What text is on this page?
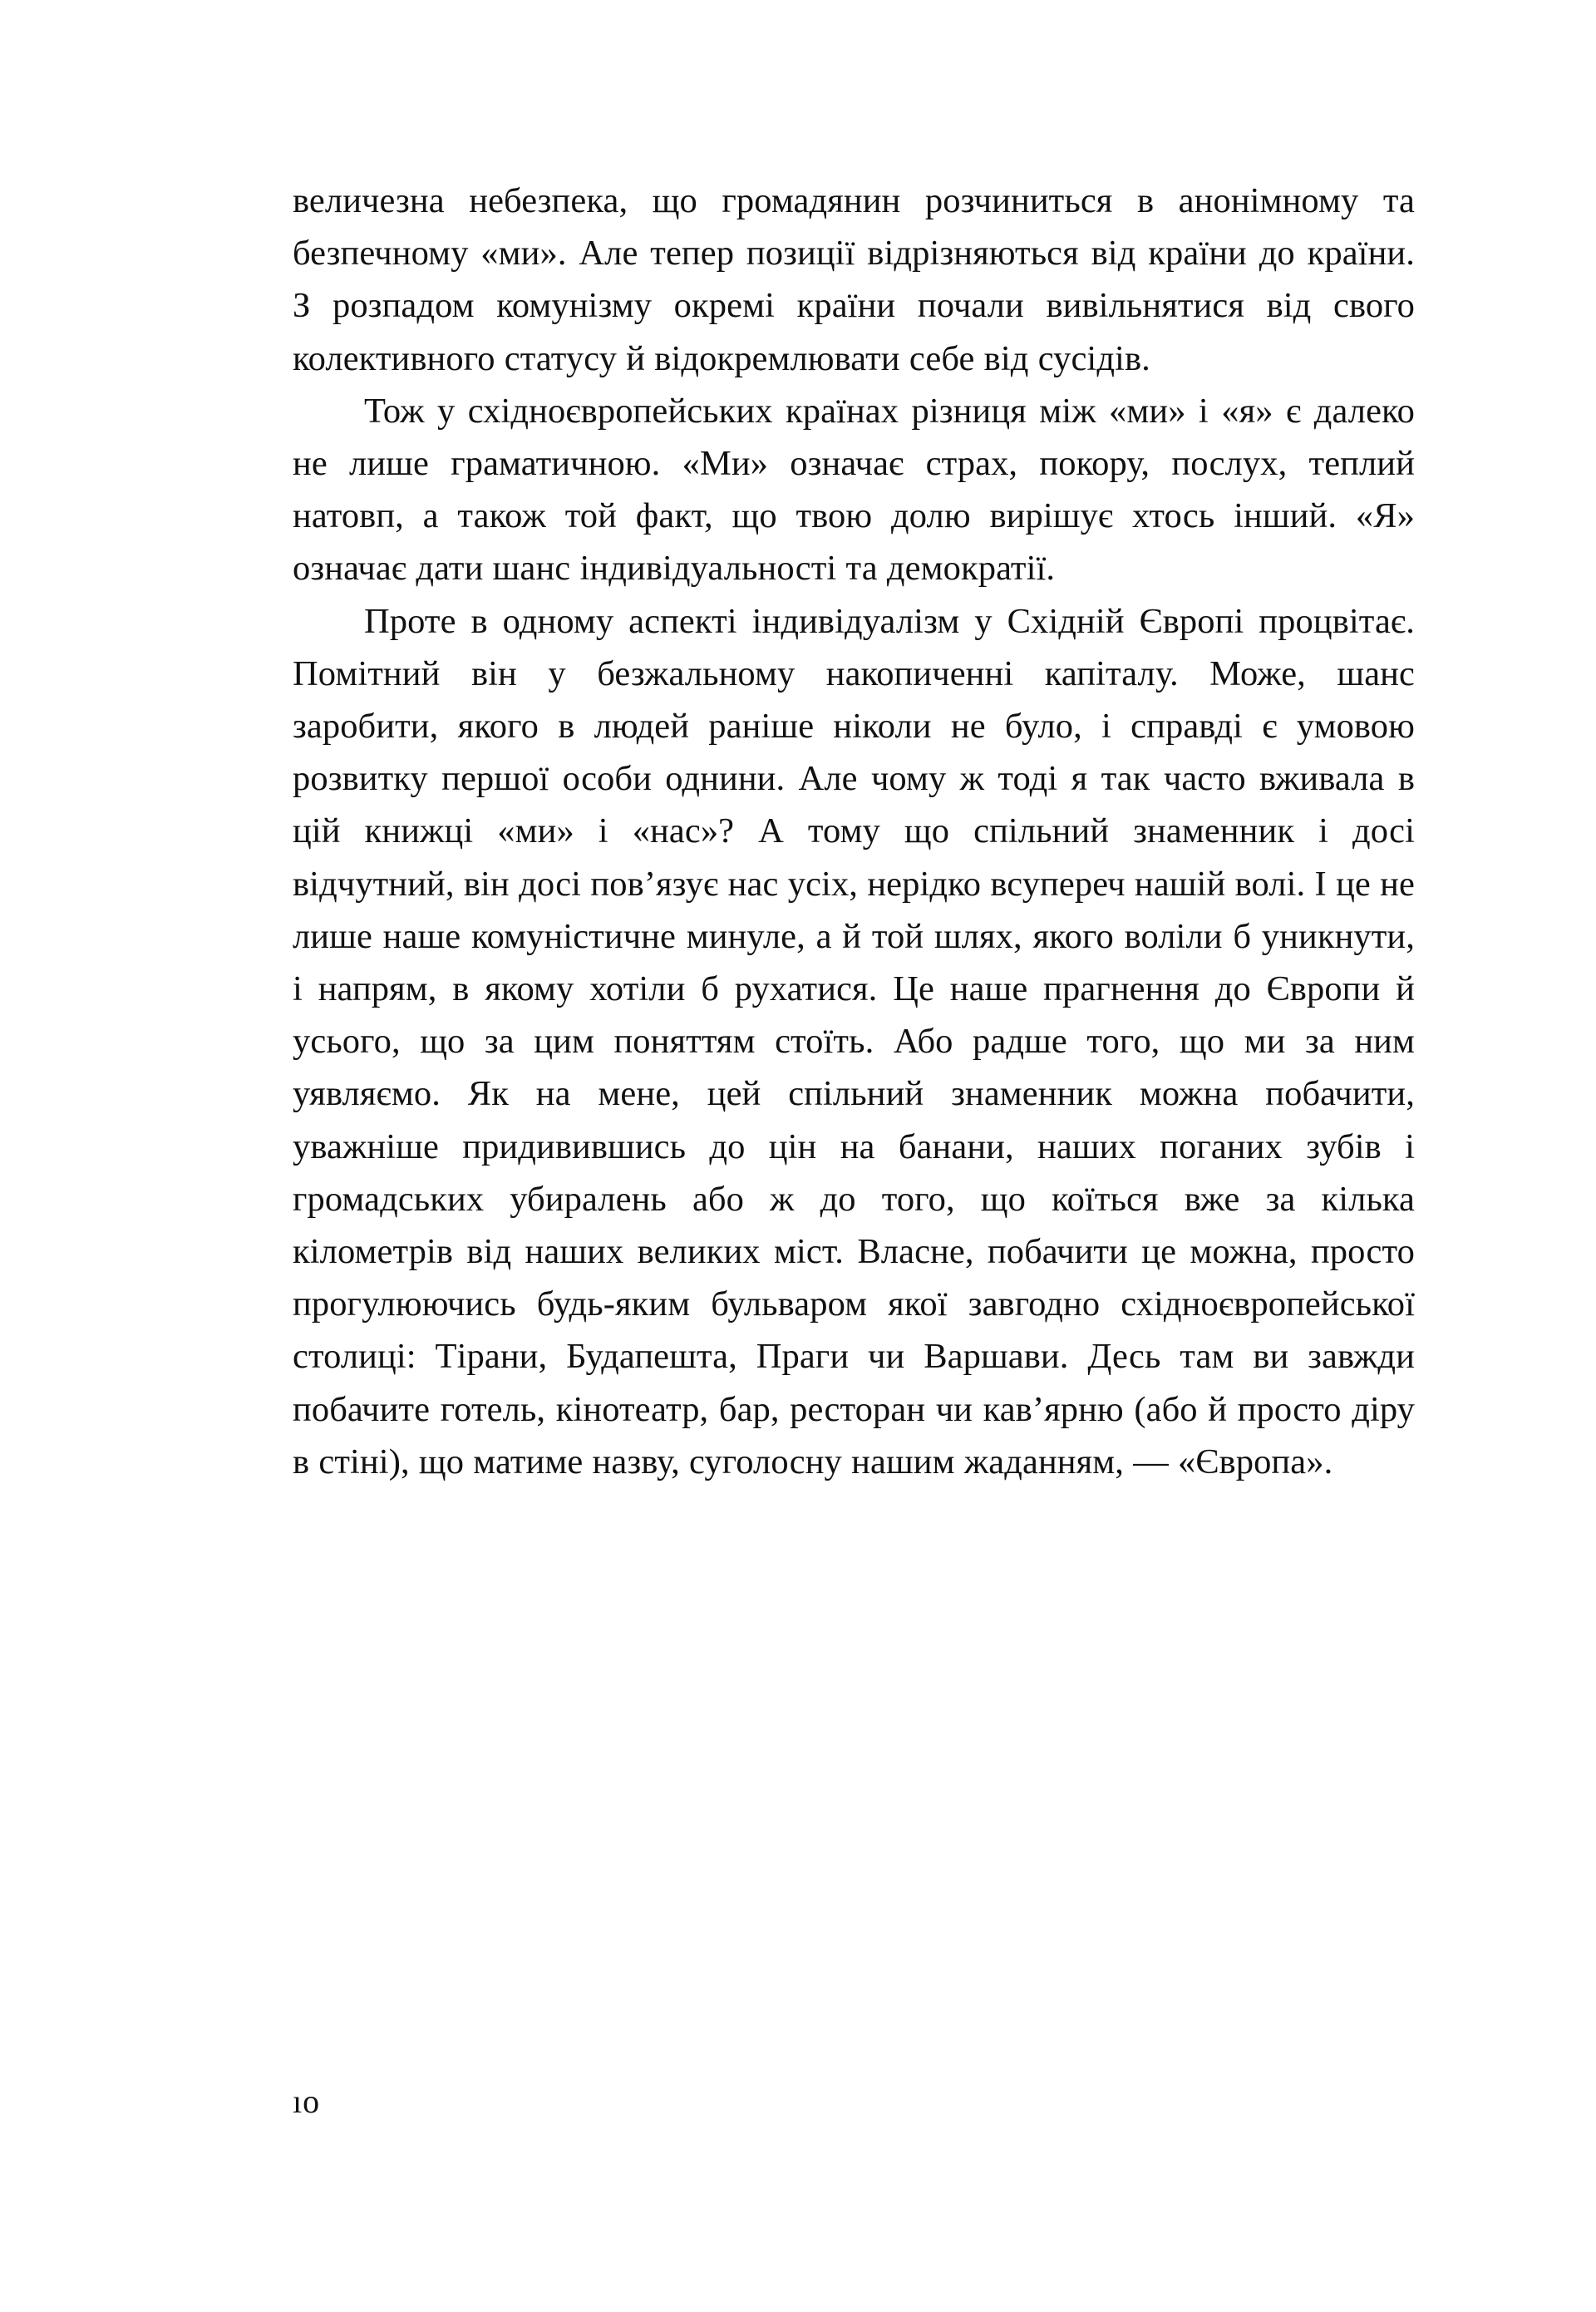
величезна небезпека, що громадянин розчиниться в анонімному та безпечному «ми». Але тепер позиції відрізняються від країни до країни. З розпадом комунізму окремі країни почали вивільнятися від свого колективного статусу й відокремлювати себе від сусідів.

Тож у східноєвропейських країнах різниця між «ми» і «я» є далеко не лише граматичною. «Ми» означає страх, покору, послух, теплий натовп, а також той факт, що твою долю вирішує хтось інший. «Я» означає дати шанс індивідуальності та демократії.

Проте в одному аспекті індивідуалізм у Східній Європі процвітає. Помітний він у безжальному накопиченні капіталу. Може, шанс заробити, якого в людей раніше ніколи не було, і справді є умовою розвитку першої особи однини. Але чому ж тоді я так часто вживала в цій книжці «ми» і «нас»? А тому що спільний знаменник і досі відчутний, він досі пов’язує нас усіх, нерідко всупереч нашій волі. І це не лише наше комуністичне минуле, а й той шлях, якого воліли б уникнути, і напрям, в якому хотіли б рухатися. Це наше прагнення до Європи й усього, що за цим поняттям стоїть. Або радше того, що ми за ним уявляємо. Як на мене, цей спільний знаменник можна побачити, уважніше придивившись до цін на банани, наших поганих зубів і громадських убиралень або ж до того, що коїться вже за кілька кілометрів від наших великих міст. Власне, побачити це можна, просто прогулюючись будь-яким бульваром якої завгодно східноєвропейської столиці: Тірани, Будапешта, Праги чи Варшави. Десь там ви завжди побачите готель, кінотеатр, бар, ресторан чи кав’ярню (або й просто діру в стіні), що матиме назву, суголосну нашим жаданням, — «Європа».

ıo
